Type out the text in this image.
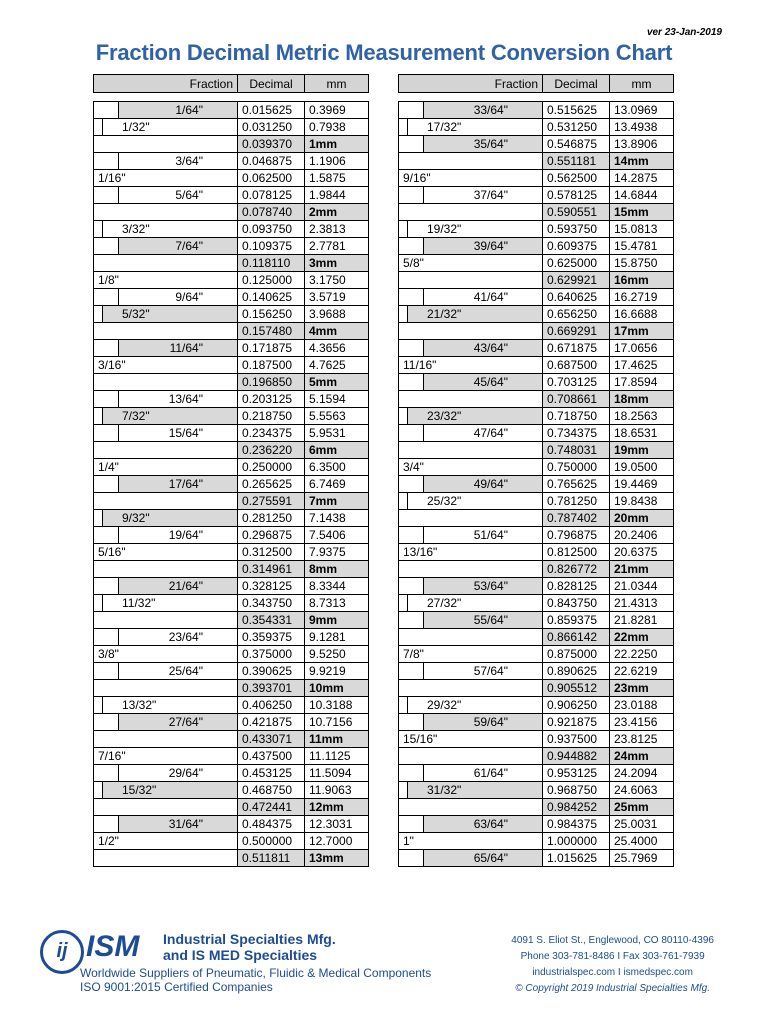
ver 23-Jan-2019
Fraction Decimal Metric Measurement Conversion Chart
Fraction	Decimal	mm

1/64"	0.015625	0.3969

1/32"	0.031250	0.7938

	0.039370	1mm

3/64"	0.046875	1.1906

1/16"	0.062500	1.5875

5/64"	0.078125	1.9844

	0.078740	2mm

3/32"	0.093750	2.3813

7/64"	0.109375	2.7781

	0.118110	3mm

1/8"	0.125000	3.1750

9/64"	0.140625	3.5719

5/32"	0.156250	3.9688

	0.157480	4mm

11/64"	0.171875	4.3656

3/16"	0.187500	4.7625

	0.196850	5mm

13/64"	0.203125	5.1594

7/32"	0.218750	5.5563

15/64"	0.234375	5.9531

	0.236220	6mm

1/4"	0.250000	6.3500

17/64"	0.265625	6.7469

	0.275591	7mm

9/32"	0.281250	7.1438

19/64"	0.296875	7.5406

5/16"	0.312500	7.9375

	0.314961	8mm

21/64"	0.328125	8.3344

11/32"	0.343750	8.7313

	0.354331	9mm

23/64"	0.359375	9.1281

3/8"	0.375000	9.5250

25/64"	0.390625	9.9219

	0.393701	10mm

13/32"	0.406250	10.3188

27/64"	0.421875	10.7156

	0.433071	11mm

7/16"	0.437500	11.1125

29/64"	0.453125	11.5094

15/32"	0.468750	11.9063

	0.472441	12mm

31/64"	0.484375	12.3031

1/2"	0.500000	12.7000

	0.511811	13mm
Fraction	Decimal	mm

33/64"	0.515625	13.0969

17/32"	0.531250	13.4938

35/64"	0.546875	13.8906

	0.551181	14mm

9/16"	0.562500	14.2875

37/64"	0.578125	14.6844

	0.590551	15mm

19/32"	0.593750	15.0813

39/64"	0.609375	15.4781

5/8"	0.625000	15.8750

	0.629921	16mm

41/64"	0.640625	16.2719

21/32"	0.656250	16.6688

	0.669291	17mm

43/64"	0.671875	17.0656

11/16"	0.687500	17.4625

45/64"	0.703125	17.8594

	0.708661	18mm

23/32"	0.718750	18.2563

47/64"	0.734375	18.6531

	0.748031	19mm

3/4"	0.750000	19.0500

49/64"	0.765625	19.4469

25/32"	0.781250	19.8438

	0.787402	20mm

51/64"	0.796875	20.2406

13/16"	0.812500	20.6375

	0.826772	21mm

53/64"	0.828125	21.0344

27/32"	0.843750	21.4313

55/64"	0.859375	21.8281

	0.866142	22mm

7/8"	0.875000	22.2250

57/64"	0.890625	22.6219

	0.905512	23mm

29/32"	0.906250	23.0188

59/64"	0.921875	23.4156

15/16"	0.937500	23.8125

	0.944882	24mm

61/64"	0.953125	24.2094

31/32"	0.968750	24.6063

	0.984252	25mm

63/64"	0.984375	25.0031

1"	1.000000	25.4000

65/64"	1.015625	25.7969
ij ISM Industrial Specialties Mfg.
and IS MED Specialties
Worldwide Suppliers of Pneumatic, Fluidic & Medical Components
ISO 9001:2015 Certified Companies
4091 S. Eliot St., Englewood, CO 80110-4396
Phone 303-781-8486 I Fax 303-761-7939
industrialspec.com I ismedspec.com
© Copyright 2019 Industrial Specialties Mfg.
